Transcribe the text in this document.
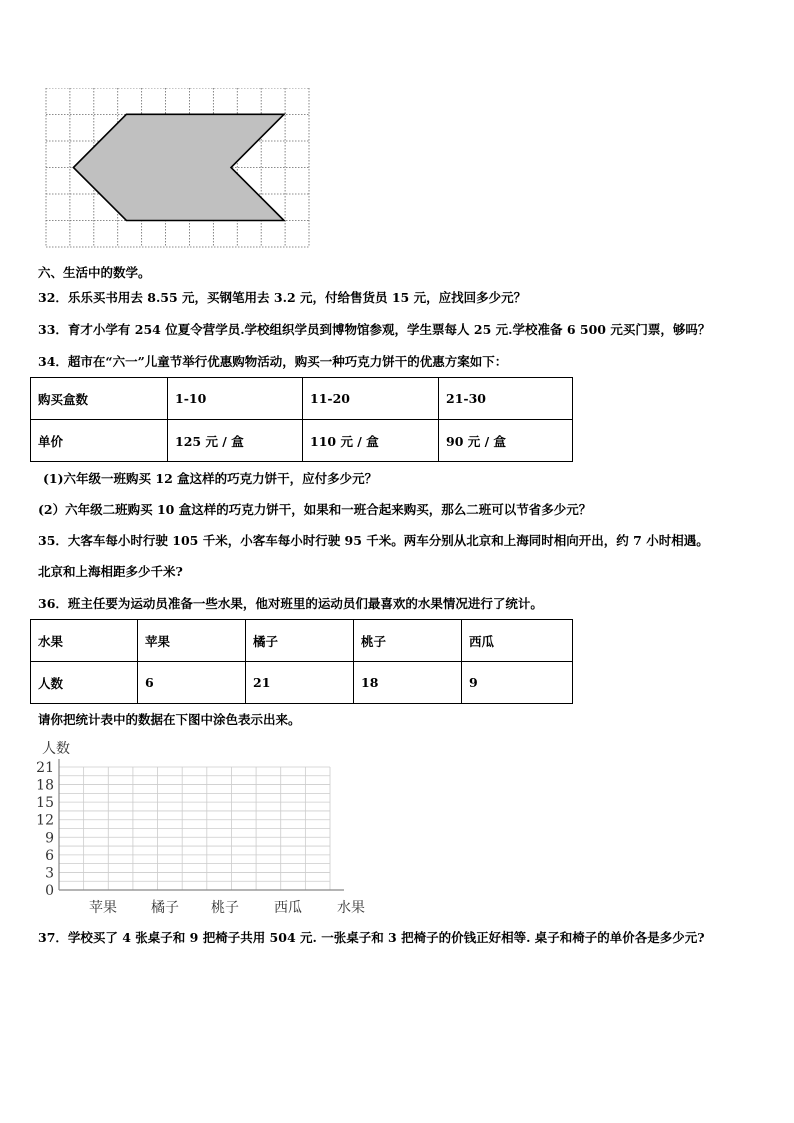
六、生活中的数学。
32．乐乐买书用去 8.55 元，买钢笔用去 3.2 元，付给售货员 15 元，应找回多少元？
33．育才小学有 254 位夏令营学员.学校组织学员到博物馆参观，学生票每人 25 元.学校准备 6 500 元买门票，够吗？
34．超市在“六一”儿童节举行优惠购物活动，购买一种巧克力饼干的优惠方案如下：
购买盒数	1-10	11-20	21-30
单价	125 元 / 盒	110 元 / 盒	90 元 / 盒
(1)六年级一班购买 12 盒这样的巧克力饼干，应付多少元？
(2）六年级二班购买 10 盒这样的巧克力饼干，如果和一班合起来购买，那么二班可以节省多少元？
35．大客车每小时行驶 105 千米，小客车每小时行驶 95 千米。两车分别从北京和上海同时相向开出，约 7 小时相遇。
北京和上海相距多少千米?
36．班主任要为运动员准备一些水果，他对班里的运动员们最喜欢的水果情况进行了统计。
水果	苹果	橘子	桃子	西瓜
人数	6	21	18	9
请你把统计表中的数据在下图中涂色表示出来。
人数
0
3
6
9
12
15
18
21
苹果 橘子 桃子	西瓜	水果
37．学校买了 4 张桌子和 9 把椅子共用 504 元. 一张桌子和 3 把椅子的价钱正好相等. 桌子和椅子的单价各是多少元?
